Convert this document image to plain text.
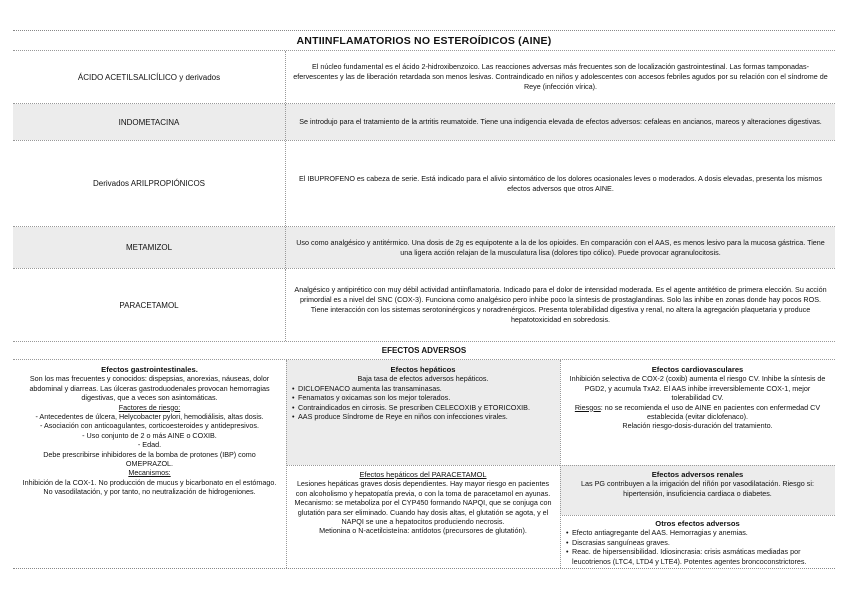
ANTIINFLAMATORIOS NO ESTEROÍDICOS (AINE)
ÁCIDO ACETILSALICÍLICO y derivados
El núcleo fundamental es el ácido 2-hidroxibenzoico. Las reacciones adversas más frecuentes son de localización gastrointestinal. Las formas tamponadas-efervescentes y las de liberación retardada son menos lesivas. Contraindicado en niños y adolescentes con accesos febriles agudos por su relación con el síndrome de Reye (infección vírica).
INDOMETACINA	Se introdujo para el tratamiento de la artritis reumatoide. Tiene una indigencia elevada de efectos adversos: cefaleas en ancianos, mareos y alteraciones digestivas.
Derivados ARILPROPIÓNICOS
El IBUPROFENO es cabeza de serie. Está indicado para el alivio sintomático de los dolores ocasionales leves o moderados. A dosis elevadas, presenta los mismos efectos adversos que otros AINE.
METAMIZOL
Uso como analgésico y antitérmico. Una dosis de 2g es equipotente a la de los opioides. En comparación con el AAS, es menos lesivo para la mucosa gástrica. Tiene una ligera acción relajan de la musculatura lisa (dolores tipo cólico). Puede provocar agranulocitosis.
PARACETAMOL
Analgésico y antipirético con muy débil actividad antiinflamatoria. Indicado para el dolor de intensidad moderada. Es el agente antitético de primera elección. Su acción primordial es a nivel del SNC (COX-3). Funciona como analgésico pero inhibe poco la síntesis de prostaglandinas. Solo las inhibe en zonas donde hay pocos ROS. Tiene interacción con los sistemas serotoninérgicos y noradrenérgicos. Presenta tolerabilidad digestiva y renal, no altera la agregación plaquetaria y produce hepatotoxicidad en sobredosis.
EFECTOS ADVERSOS
Efectos gastrointestinales.
Son los mas frecuentes y conocidos: dispepsias, anorexias, náuseas, dolor abdominal y diarreas. Las úlceras gastroduodenales provocan hemorragias digestivas, que a veces son asintomáticas.
Factores de riesgo:
- Antecedentes de úlcera, Helycobacter pylori, hemodiálisis, altas dosis.
- Asociación con anticoagulantes, corticoesteroides y antidepresivos.
- Uso conjunto de 2 o más AINE o COXIB.
- Edad.
Debe prescribirse inhibidores de la bomba de protones (IBP) como OMEPRAZOL.
Mecanismos:
Inhibición de la COX-1. No producción de mucus y bicarbonato en el estómago. No vasodilatación, y por tanto, no neutralización de hidrogeniones.
Efectos hepáticos
Baja tasa de efectos adversos hepáticos.
• DICLOFENACO aumenta las transaminasas.
• Fenamatos y oxicamas son los mejor tolerados.
• Contraindicados en cirrosis. Se prescriben CELECOXIB y ETORICOXIB.
• AAS produce Síndrome de Reye en niños con infecciones virales.
Efectos hepáticos del PARACETAMOL
Lesiones hepáticas graves dosis dependientes. Hay mayor riesgo en pacientes con alcoholismo y hepatopatía previa, o con la toma de paracetamol en ayunas.
Mecanismo: se metaboliza por el CYP450 formando NAPQI, que se conjuga con glutatión para ser eliminado. Cuando hay dosis altas, el glutatión se agota, y el NAPQI se une a hepatocitos produciendo necrosis.
Metionina o N-acetilcisteína: antídotos (precursores de glutatión).
Efectos cardiovasculares
Inhibición selectiva de COX-2 (coxib) aumenta el riesgo CV. Inhibe la síntesis de PGD2, y acumula TxA2. El AAS inhibe irreversiblemente COX-1, mejor tolerabilidad CV.
Riesgos: no se recomienda el uso de AINE en pacientes con enfermedad CV establecida (evitar diclofenaco).
Relación riesgo-dosis-duración del tratamiento.
Efectos adversos renales
Las PG contribuyen a la irrigación del riñón por vasodilatación. Riesgo si: hipertensión, insuficiencia cardiaca o diabetes.
Otros efectos adversos
• Efecto antiagregante del AAS. Hemorragias y anemias.
• Discrasias sanguíneas graves.
• Reac. de hipersensibilidad. Idiosincrasia: crisis asmáticas mediadas por leucotrienos (LTC4, LTD4 y LTE4). Potentes agentes broncoconstrictores.
